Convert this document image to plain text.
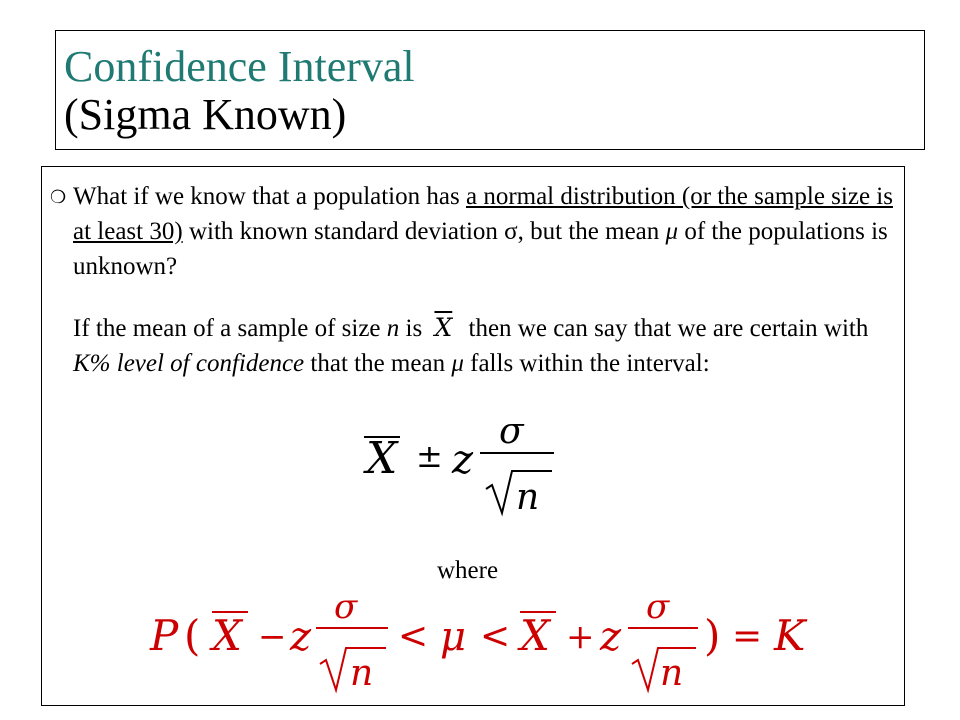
Confidence Interval
(Sigma Known)
❍ What if we know that a population has a normal distribution (or the sample size is at least 30) with known standard deviation σ, but the mean μ of the populations is unknown?
If the mean of a sample of size n is $\overline{X}$ then we can say that we are certain with K% level of confidence that the mean μ falls within the interval:
X ± z
σ
n
where
P ( X − z
σ
n
< μ < X + z
σ
n
) = K
